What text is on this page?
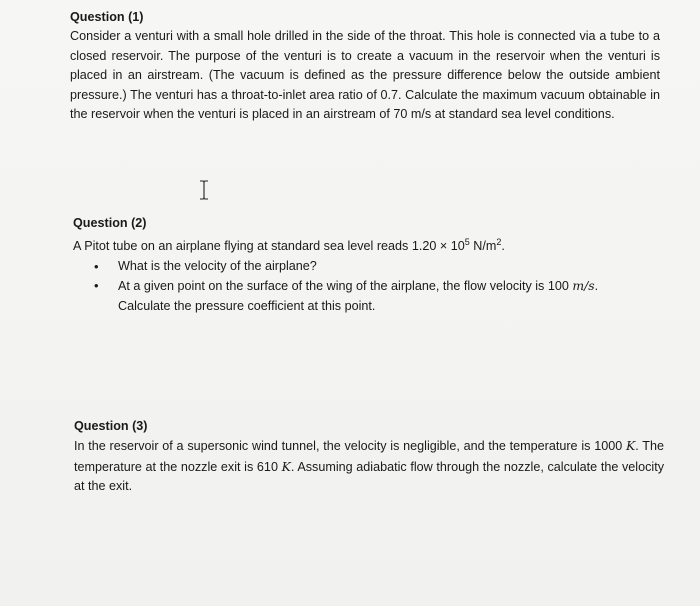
Question (1)
Consider a venturi with a small hole drilled in the side of the throat. This hole is connected via a tube to a closed reservoir. The purpose of the venturi is to create a vacuum in the reservoir when the venturi is placed in an airstream. (The vacuum is defined as the pressure difference below the outside ambient pressure.) The venturi has a throat-to-inlet area ratio of 0.7. Calculate the maximum vacuum obtainable in the reservoir when the venturi is placed in an airstream of 70 m/s at standard sea level conditions.
Question (2)
A Pitot tube on an airplane flying at standard sea level reads $1.20 \times 10^5$ $N/m^2$.
• What is the velocity of the airplane?
• At a given point on the surface of the wing of the airplane, the flow velocity is 100 m/s.
Calculate the pressure coefficient at this point.
Question (3)
In the reservoir of a supersonic wind tunnel, the velocity is negligible, and the temperature is 1000 K. The temperature at the nozzle exit is 610 K. Assuming adiabatic flow through the nozzle, calculate the velocity at the exit.
